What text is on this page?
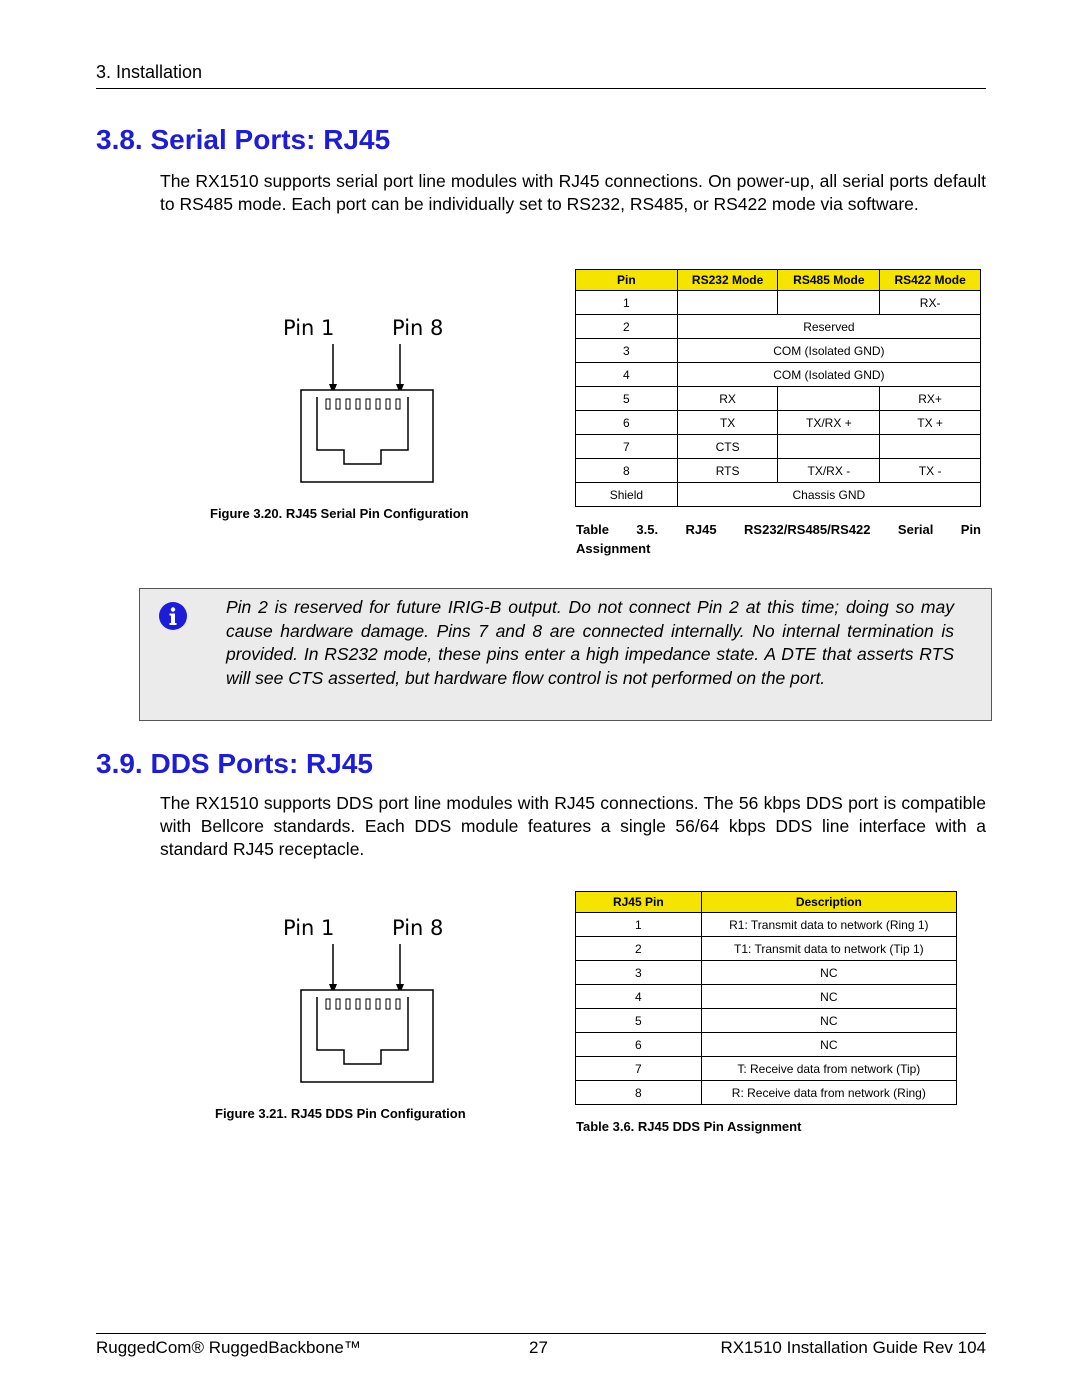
3. Installation
3.8. Serial Ports: RJ45
The RX1510 supports serial port line modules with RJ45 connections. On power-up, all serial ports default to RS485 mode. Each port can be individually set to RS232, RS485, or RS422 mode via software.
Pin 1	Pin 8
Figure 3.20. RJ45 Serial Pin Configuration
Pin	RS232 Mode	RS485 Mode	RS422 Mode
1			RX-
2	Reserved		
3	COM (Isolated GND)		
4	COM (Isolated GND)		
5	RX		RX+
6	TX	TX/RX +	TX +
7	CTS		
8	RTS	TX/RX -	TX -
Shield	Chassis GND		
Table 3.5. RJ45 RS232/RS485/RS422 Serial Pin
Assignment
Pin 2 is reserved for future IRIG-B output. Do not connect Pin 2 at this time; doing so may cause hardware damage. Pins 7 and 8 are connected internally. No internal termination is provided. In RS232 mode, these pins enter a high impedance state. A DTE that asserts RTS will see CTS asserted, but hardware flow control is not performed on the port.
3.9. DDS Ports: RJ45
The RX1510 supports DDS port line modules with RJ45 connections. The 56 kbps DDS port is compatible with Bellcore standards. Each DDS module features a single 56/64 kbps DDS line interface with a standard RJ45 receptacle.
Pin 1	Pin 8
Figure 3.21. RJ45 DDS Pin Configuration
RJ45 Pin	Description
1	R1: Transmit data to network (Ring 1)
2	T1: Transmit data to network (Tip 1)
3	NC
4	NC
5	NC
6	NC
7	T: Receive data from network (Tip)
8	R: Receive data from network (Ring)
Table 3.6. RJ45 DDS Pin Assignment
RuggedCom® RuggedBackbone™	27	RX1510 Installation Guide Rev 104
